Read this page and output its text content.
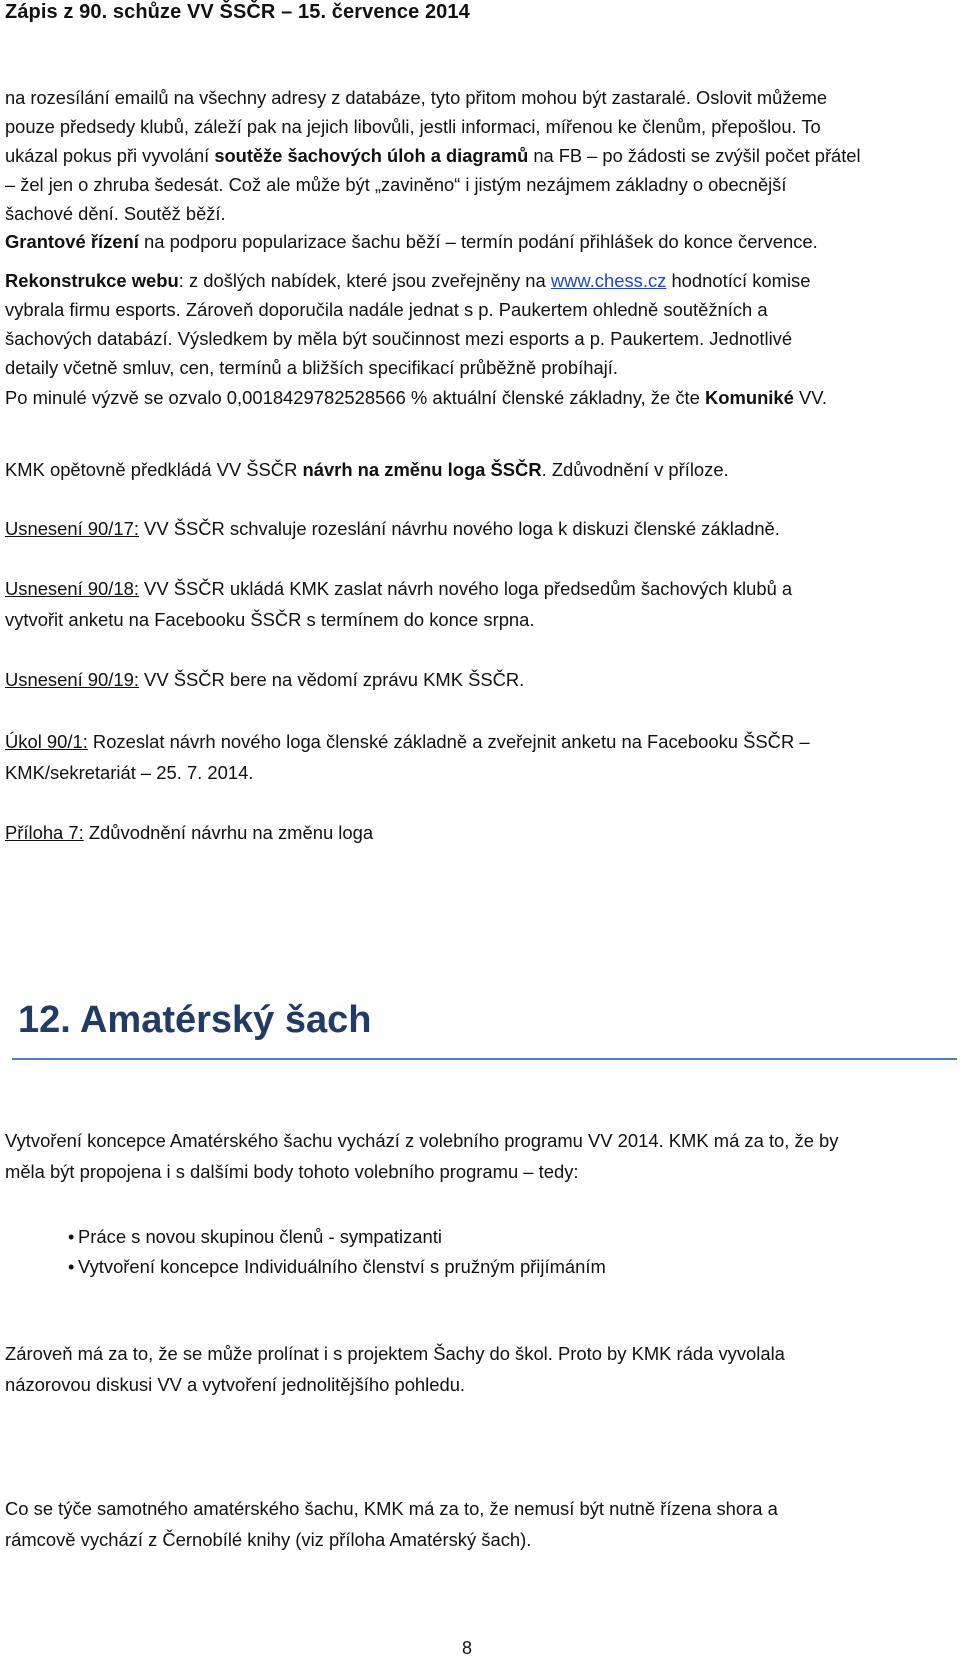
Zápis z 90. schůze VV ŠSČR – 15. července 2014
na rozesílání emailů na všechny adresy z databáze, tyto přitom mohou být zastaralé. Oslovit můžeme
pouze předsedy klubů, záleží pak na jejich libovůli, jestli informaci, mířenou ke členům, přepošlou. To
ukázal pokus při vyvolání soutěže šachových úloh a diagramů na FB – po žádosti se zvýšil počet přátel
– žel jen o zhruba šedesát. Což ale může být „zaviněno“ i jistým nezájmem základny o obecnější
šachové dění. Soutěž běží.
Grantové řízení na podporu popularizace šachu běží – termín podání přihlášek do konce července.
Rekonstrukce webu: z došlých nabídek, které jsou zveřejněny na www.chess.cz hodnotící komise
vybrala firmu esports. Zároveň doporučila nadále jednat s p. Paukertem ohledně soutěžních a
šachových databází. Výsledkem by měla být součinnost mezi esports a p. Paukertem. Jednotlivé
detaily včetně smluv, cen, termínů a bližších specifikací průběžně probíhají.
Po minulé výzvě se ozvalo 0,0018429782528566 % aktuální členské základny, že čte Komuniké VV.
KMK opětovně předkládá VV ŠSČR návrh na změnu loga ŠSČR. Zdůvodnění v příloze.
Usnesení 90/17: VV ŠSČR schvaluje rozeslání návrhu nového loga k diskuzi členské základně.
Usnesení 90/18: VV ŠSČR ukládá KMK zaslat návrh nového loga předsedům šachových klubů a
vytvořit anketu na Facebooku ŠSČR s termínem do konce srpna.
Usnesení 90/19: VV ŠSČR bere na vědomí zprávu KMK ŠSČR.
Úkol 90/1: Rozeslat návrh nového loga členské základně a zveřejnit anketu na Facebooku ŠSČR –
KMK/sekretariát – 25. 7. 2014.
Příloha 7: Zdůvodnění návrhu na změnu loga
12. Amatérský šach
Vytvoření koncepce Amatérského šachu vychází z volebního programu VV 2014. KMK má za to, že by
měla být propojena i s dalšími body tohoto volebního programu – tedy:
• Práce s novou skupinou členů - sympatizanti
• Vytvoření koncepce Individuálního členství s pružným přijímáním
Zároveň má za to, že se může prolínat i s projektem Šachy do škol. Proto by KMK ráda vyvolala
názorovou diskusi VV a vytvoření jednolitějšího pohledu.
Co se týče samotného amatérského šachu, KMK má za to, že nemusí být nutně řízena shora a
rámcově vychází z Černobílé knihy (viz příloha Amatérský šach).
8
